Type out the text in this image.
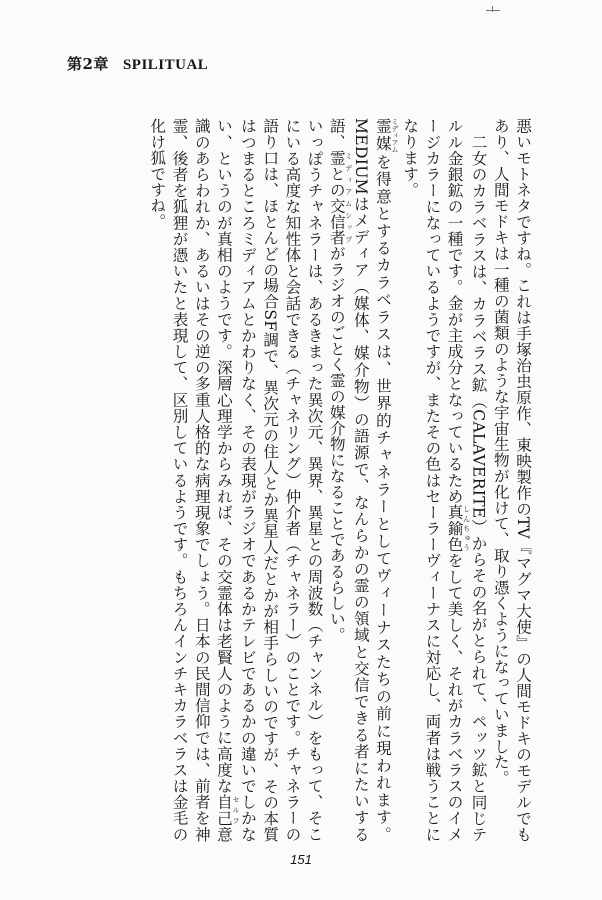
第2章 SPILITUAL

悪いモトネタですね。これは手塚治虫原作、東映製作のTV『マグマ大使』の人間モドキのモデルでもあり、人間モドキは一種の菌類のような宇宙生物が化けて、取り憑くようになっていました。

二女のカラベラスは、カラベラス鉱（CALAVERITE）からその名がとられて、ペッツ鉱と同じテルル金銀鉱の一種です。金が主成分となっているため真鍮色 しんちゅうをして美しく、それがカラベラスのイメージカラーになっているようですが、またその色はセーラーヴィーナスに対応し、両者は戦うことになります。

霊媒 ミディアムを得意とするカラベラスは、世界的チャネラーとしてヴィーナスたちの前に現われます。MEDIUMはメディア（媒体、媒介物）の語源で、なんらかの霊の領域と交信できる者にたいする語、霊との交信者 ミディアムシップがラジオのごとく霊の媒介物になることであるらしい。

いっぽうチャネラーは、あるきまった異次元、異界、異星との周波数（チャンネル）をもって、そこにいる高度な知性体と会話できる（チャネリング）仲介者（チャネラー）のことです。チャネラーの語り口は、ほとんどの場合SF調で、異次元の住人とか異星人だとかが相手らしいのですが、その本質はつまるところミディアムとかわりなく、その表現がラジオであるかテレビであるかの違いでしかない、というのが真相のようです。深層心理学からみれば、その交霊体は老賢人のように高度な自己 セルフ意識のあらわれか、あるいはその逆の多重人格的な病理現象でしょう。日本の民間信仰では、前者を神霊、後者を狐狸が憑いたと表現して、区別しているようです。もちろんインチキカラベラスは金毛の化け狐ですね。

151
